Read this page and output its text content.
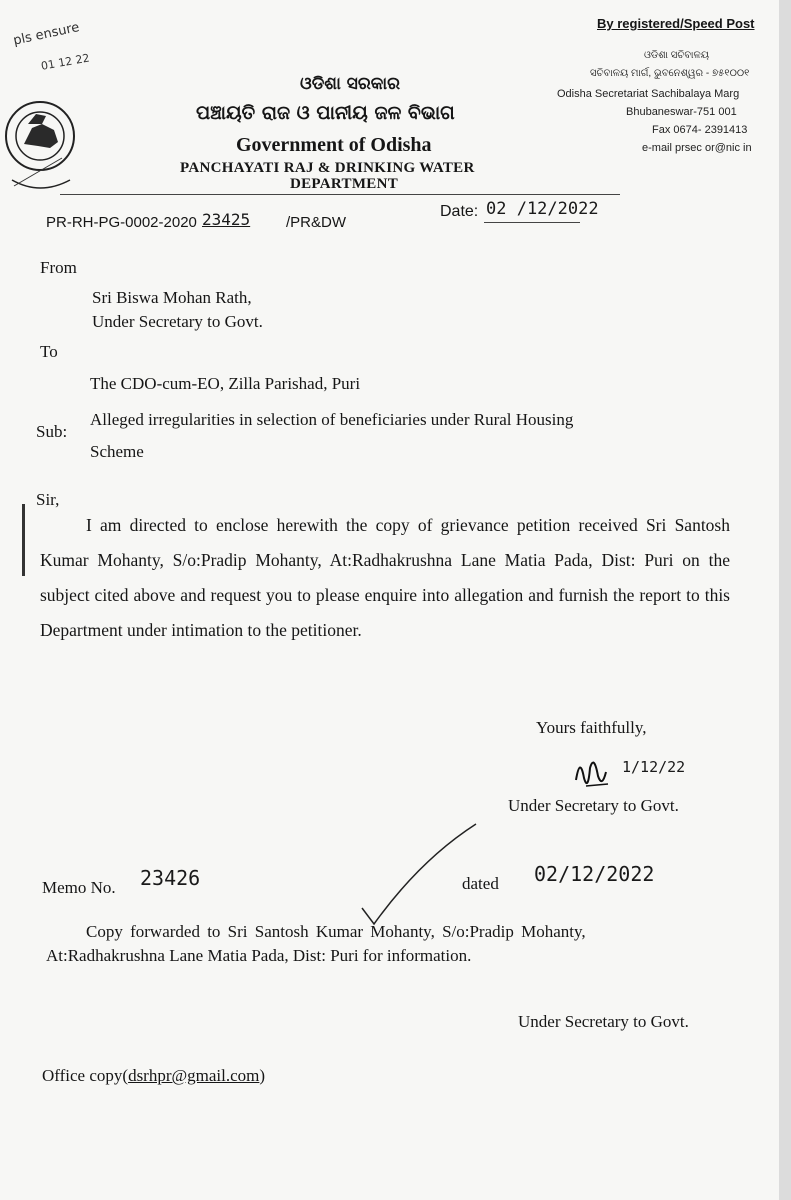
By registered/Speed Post
pls ensure
01 12 22
ଓଡିଶା ସରକାର
ପଞ୍ଚାୟତି ରାଜ ଓ ପାନୀୟ ଜଳ ବିଭାଗ
Government of Odisha
PANCHAYATI RAJ & DRINKING WATER
DEPARTMENT
ଓଡିଶା ସଚିବାଳୟ
ସଚିବାଳୟ ମାର୍ଗ, ଭୁବନେଶ୍ୱର - ୭୫୧୦୦୧
Odisha Secretariat Sachibalaya Marg
Bhubaneswar-751 001
Fax 0674- 2391413
e-mail prsec or@nic in
PR-RH-PG-0002-2020 23425 /PR&DW
Date: 02 /12/2022
From
Sri Biswa Mohan Rath,
Under Secretary to Govt.
To
The CDO-cum-EO, Zilla Parishad, Puri
Sub:
Alleged irregularities in selection of beneficiaries under Rural Housing
Scheme
Sir,

I am directed to enclose herewith the copy of grievance petition received Sri Santosh Kumar Mohanty, S/o:Pradip Mohanty, At:Radhakrushna Lane Matia Pada, Dist: Puri on the subject cited above and request you to please enquire into allegation and furnish the report to this Department under intimation to the petitioner.

Yours faithfully,
1/12/22
Under Secretary to Govt.
Memo No. 23426	dated 02/12/2022
Copy forwarded to Sri Santosh Kumar Mohanty, S/o:Pradip Mohanty,
At:Radhakrushna Lane Matia Pada, Dist: Puri for information.
Under Secretary to Govt.
Office copy(dsrhpr@gmail.com)
